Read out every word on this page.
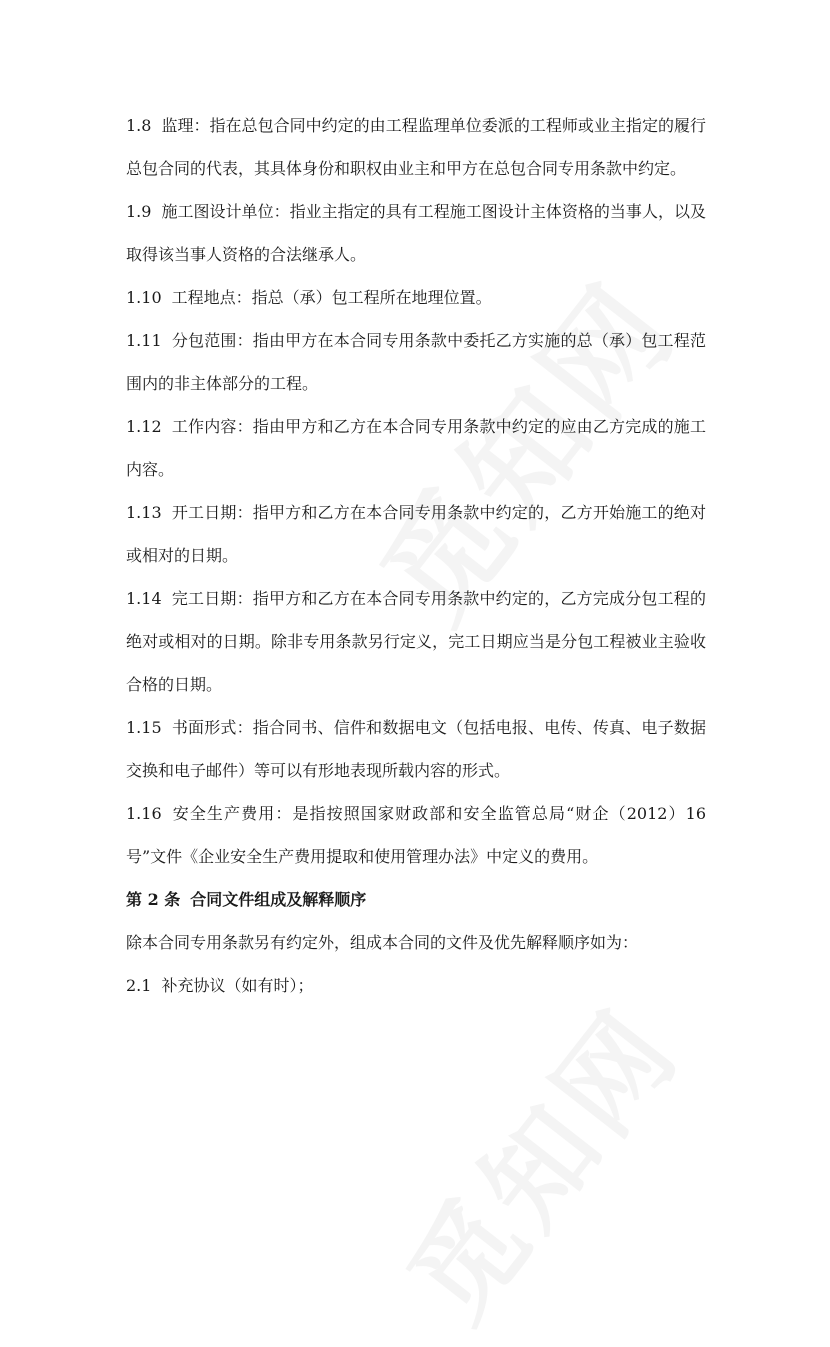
1.8 监理：指在总包合同中约定的由工程监理单位委派的工程师或业主指定的履行总包合同的代表，其具体身份和职权由业主和甲方在总包合同专用条款中约定。

1.9 施工图设计单位：指业主指定的具有工程施工图设计主体资格的当事人，以及取得该当事人资格的合法继承人。

1.10 工程地点：指总（承）包工程所在地理位置。

1.11 分包范围：指由甲方在本合同专用条款中委托乙方实施的总（承）包工程范围内的非主体部分的工程。

1.12 工作内容：指由甲方和乙方在本合同专用条款中约定的应由乙方完成的施工内容。

1.13 开工日期：指甲方和乙方在本合同专用条款中约定的，乙方开始施工的绝对或相对的日期。

1.14 完工日期：指甲方和乙方在本合同专用条款中约定的，乙方完成分包工程的绝对或相对的日期。除非专用条款另行定义，完工日期应当是分包工程被业主验收合格的日期。

1.15 书面形式：指合同书、信件和数据电文（包括电报、电传、传真、电子数据交换和电子邮件）等可以有形地表现所载内容的形式。

1.16 安全生产费用：是指按照国家财政部和安全监管总局“财企（2012）16号”文件《企业安全生产费用提取和使用管理办法》中定义的费用。

第 2 条 合同文件组成及解释顺序

除本合同专用条款另有约定外，组成本合同的文件及优先解释顺序如为：

2.1 补充协议（如有时）；
